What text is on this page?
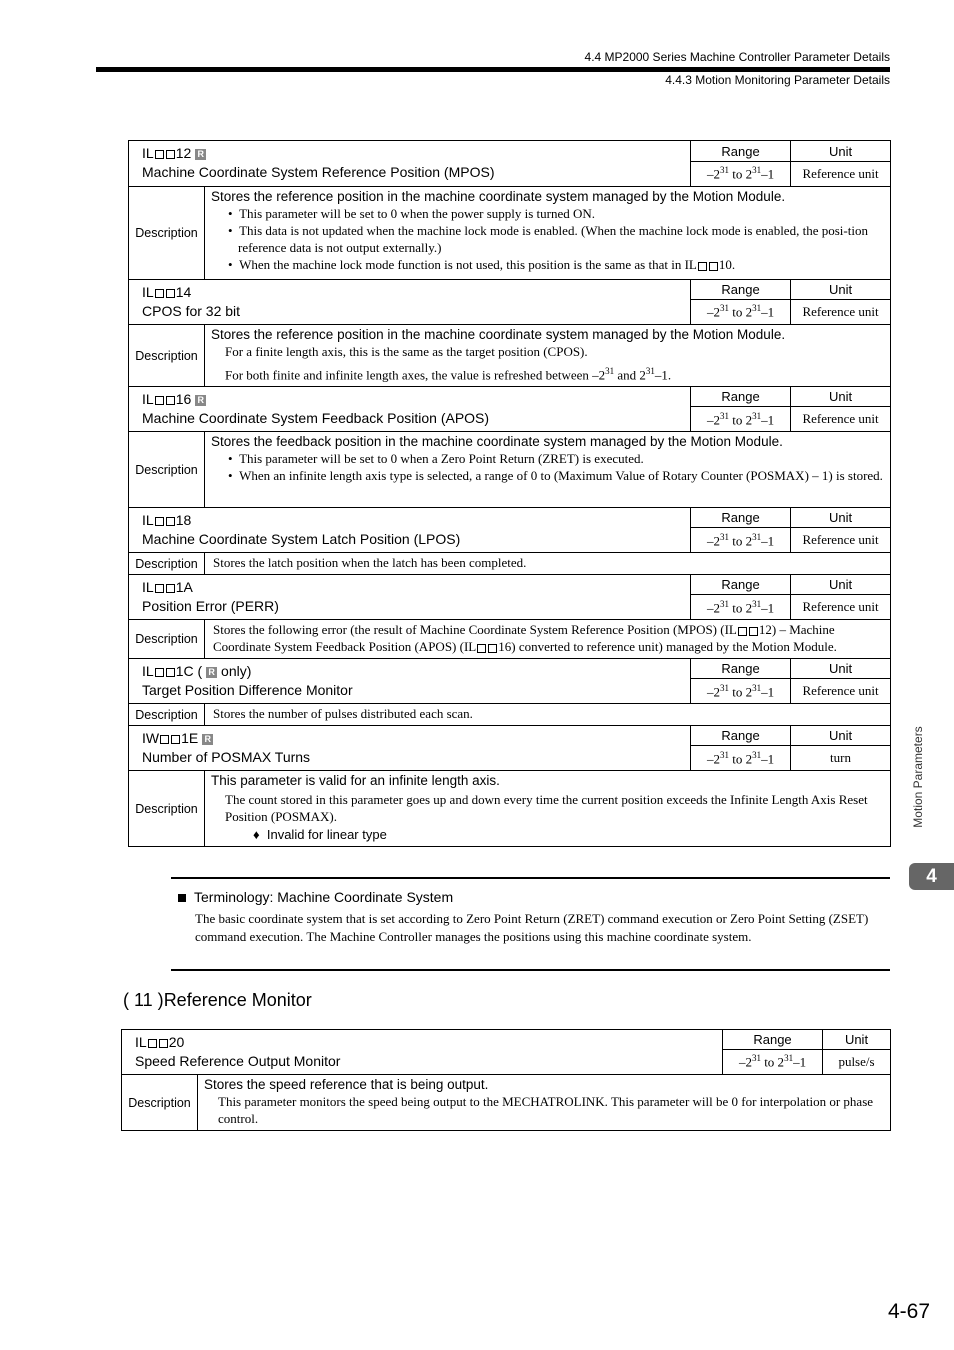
4.4 MP2000 Series Machine Controller Parameter Details
4.4.3 Motion Monitoring Parameter Details
IL 12 R
Machine Coordinate System Reference Position (MPOS)		Range	Unit
		$-2^{31}$ to $2^{31}-1$	Reference unit
Description	Stores the reference position in the machine coordinate system managed by the Motion Module.
•  This parameter will be set to 0 when the power supply is turned ON.
•  This data is not updated when the machine lock mode is enabled. (When the machine lock mode is enabled, the posi-tion reference data is not output externally.)
•  When the machine lock mode function is not used, this position is the same as that in IL 10.		

IL 14
CPOS for 32 bit		Range	Unit
		$-2^{31}$ to $2^{31}-1$	Reference unit
Description	Stores the reference position in the machine coordinate system managed by the Motion Module.
For a finite length axis, this is the same as the target position (CPOS).
For both finite and infinite length axes, the value is refreshed between $-2^{31}$ and $2^{31}-1$.		

IL 16 R
Machine Coordinate System Feedback Position (APOS)		Range	Unit
		$-2^{31}$ to $2^{31}-1$	Reference unit
Description	Stores the feedback position in the machine coordinate system managed by the Motion Module.
•  This parameter will be set to 0 when a Zero Point Return (ZRET) is executed.
•  When an infinite length axis type is selected, a range of 0 to (Maximum Value of Rotary Counter (POSMAX) – 1) is stored.		

IL 18
Machine Coordinate System Latch Position (LPOS)		Range	Unit
		$-2^{31}$ to $2^{31}-1$	Reference unit
Description	Stores the latch position when the latch has been completed.		

IL 1A
Position Error (PERR)		Range	Unit
		$-2^{31}$ to $2^{31}-1$	Reference unit
Description	Stores the following error (the result of Machine Coordinate System Reference Position (MPOS) (IL 12) – Machine Coordinate System Feedback Position (APOS) (IL 16) converted to reference unit) managed by the Motion Module.		

IL 1C ( R only)
Target Position Difference Monitor		Range	Unit
		$-2^{31}$ to $2^{31}-1$	Reference unit
Description	Stores the number of pulses distributed each scan.		

IW 1E R
Number of POSMAX Turns		Range	Unit
		$-2^{31}$ to $2^{31}-1$	turn
Description	This parameter is valid for an infinite length axis.
The count stored in this parameter goes up and down every time the current position exceeds the Infinite Length Axis Reset Position (POSMAX).
♦  Invalid for linear type		
Terminology: Machine Coordinate System
The basic coordinate system that is set according to Zero Point Return (ZRET) command execution or Zero Point Setting (ZSET) command execution. The Machine Controller manages the positions using this machine coordinate system.
( 11 )Reference Monitor
IL 20
Speed Reference Output Monitor		Range	Unit
		$-2^{31}$ to $2^{31}-1$	pulse/s
Description	Stores the speed reference that is being output.
This parameter monitors the speed being output to the MECHATROLINK. This parameter will be 0 for interpolation or phase control.		
Motion Parameters
4
4-67
